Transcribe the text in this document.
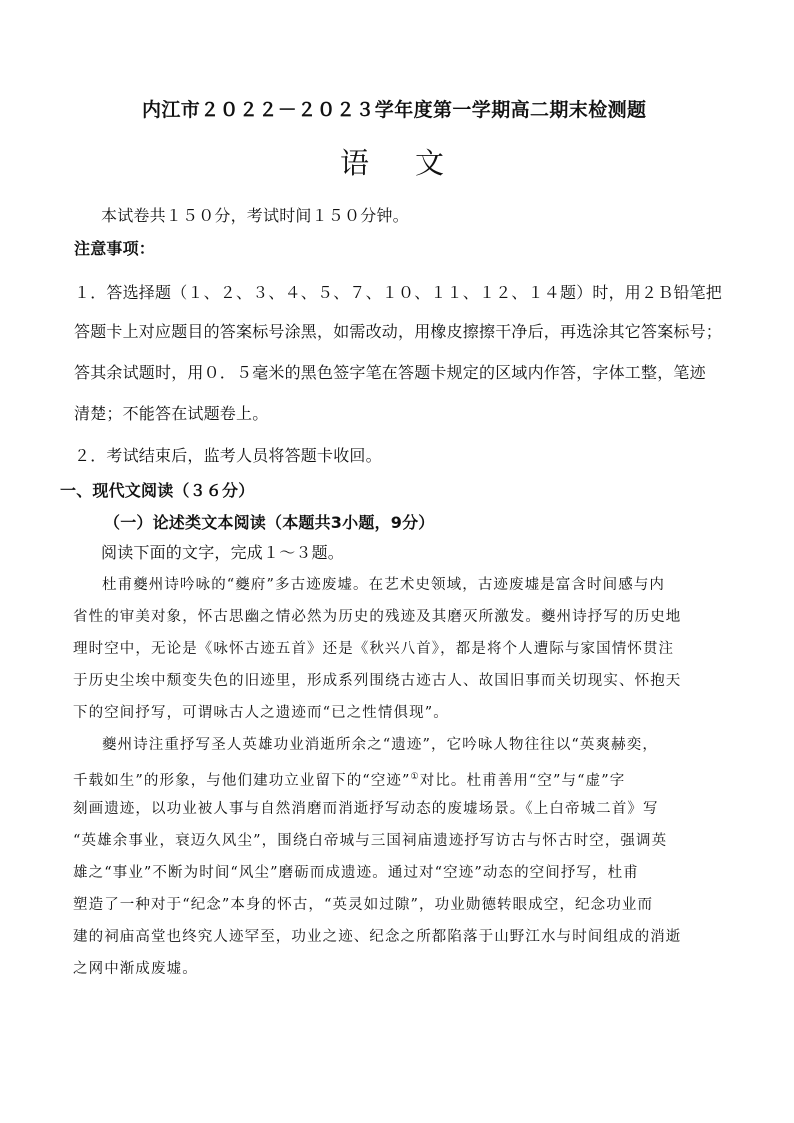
内江市２０２２－２０２３学年度第一学期高二期末检测题
语文
本试卷共１５０分，考试时间１５０分钟。
注意事项：
１．答选择题（１、２、３、４、５、７、１０、１１、１２、１４题）时，用２Ｂ铅笔把
答题卡上对应题目的答案标号涂黑，如需改动，用橡皮擦擦干净后，再选涂其它答案标号；
答其余试题时，用０．５毫米的黑色签字笔在答题卡规定的区域内作答，字体工整，笔迹
清楚；不能答在试题卷上。
２．考试结束后，监考人员将答题卡收回。
一、现代文阅读（３６分）
（一）论述类文本阅读（本题共3小题，9分）
阅读下面的文字，完成１～３题。
杜甫夔州诗吟咏的“夔府”多古迹废墟。在艺术史领域，古迹废墟是富含时间感与内
省性的审美对象，怀古思幽之情必然为历史的残迹及其磨灭所激发。夔州诗抒写的历史地
理时空中，无论是《咏怀古迹五首》还是《秋兴八首》，都是将个人遭际与家国情怀贯注
于历史尘埃中颓变失色的旧迹里，形成系列围绕古迹古人、故国旧事而关切现实、怀抱天
下的空间抒写，可谓咏古人之遗迹而“已之性情俱现”。
夔州诗注重抒写圣人英雄功业消逝所余之“遗迹”，它吟咏人物往往以“英爽赫奕，
千载如生”的形象，与他们建功立业留下的“空迹”①对比。杜甫善用“空”与“虚”字
刻画遗迹，以功业被人事与自然消磨而消逝抒写动态的废墟场景。《上白帝城二首》写
“英雄余事业，衰迈久风尘”，围绕白帝城与三国祠庙遗迹抒写访古与怀古时空，强调英
雄之“事业”不断为时间“风尘”磨砺而成遗迹。通过对“空迹”动态的空间抒写，杜甫
塑造了一种对于“纪念”本身的怀古，“英灵如过隙”，功业勋德转眼成空，纪念功业而
建的祠庙高堂也终究人迹罕至，功业之迹、纪念之所都陷落于山野江水与时间组成的消逝
之网中渐成废墟。
